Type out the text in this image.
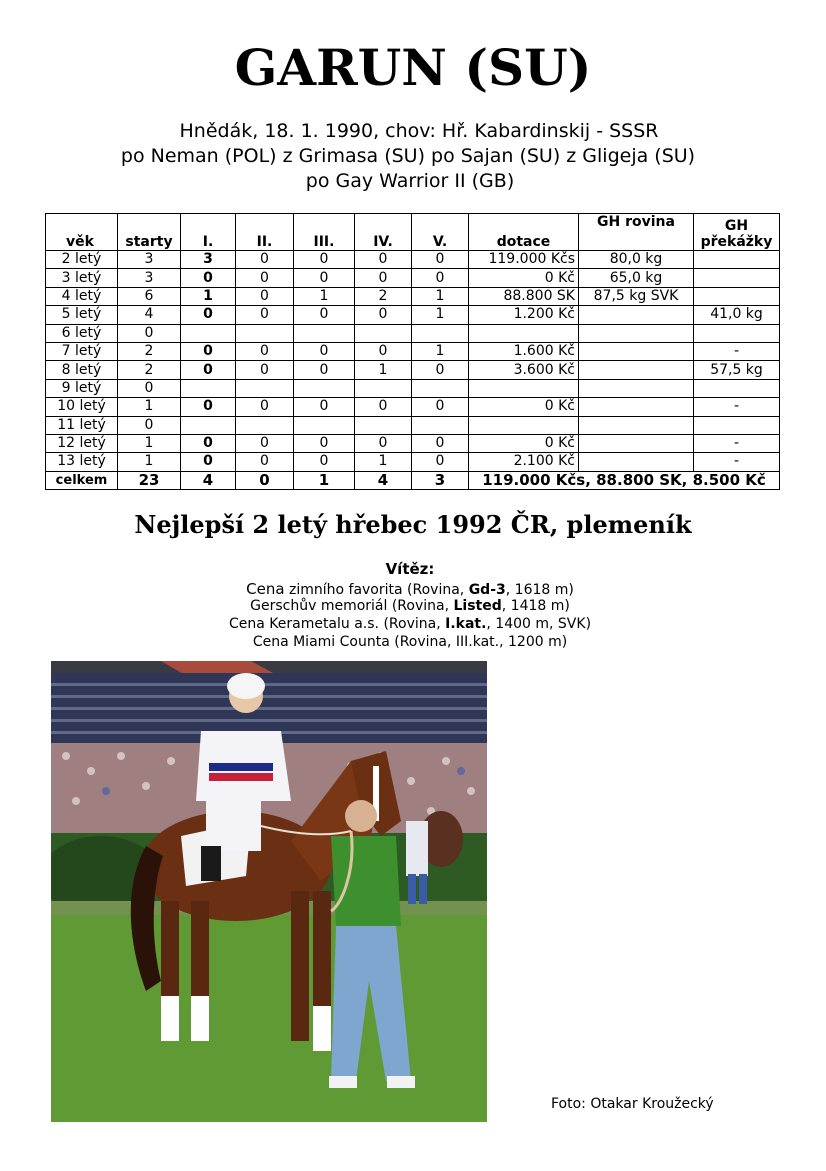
GARUN (SU)
Hnědák, 18. 1. 1990, chov: Hř. Kabardinskij - SSSR
po Neman (POL) z Grimasa (SU) po Sajan (SU) z Gligeja (SU)
po Gay Warrior II (GB)
věk	starty	I.	II.	III.	IV.	V.	dotace	GH rovina	GH překážky
2 letý	3	3	0	0	0	0	119.000 Kčs	80,0 kg	
3 letý	3	0	0	0	0	0	0 Kč	65,0 kg	
4 letý	6	1	0	1	2	1	88.800 SK	87,5 kg SVK	
5 letý	4	0	0	0	0	1	1.200 Kč		41,0 kg
6 letý	0								
7 letý	2	0	0	0	0	1	1.600 Kč		-
8 letý	2	0	0	0	1	0	3.600 Kč		57,5 kg
9 letý	0								
10 letý	1	0	0	0	0	0	0 Kč		-
11 letý	0								
12 letý	1	0	0	0	0	0	0 Kč		-
13 letý	1	0	0	0	1	0	2.100 Kč		-
celkem	23	4	0	1	4	3	119.000 Kčs, 88.800 SK, 8.500 Kč		
Nejlepší 2 letý hřebec 1992 ČR, plemeník
Vítěz:
Cena zimního favorita (Rovina, Gd-3, 1618 m)
Gerschův memoriál (Rovina, Listed, 1418 m)
Cena Kerametalu a.s. (Rovina, I.kat., 1400 m, SVK)
Cena Miami Counta (Rovina, III.kat., 1200 m)
Foto: Otakar Kroužecký
